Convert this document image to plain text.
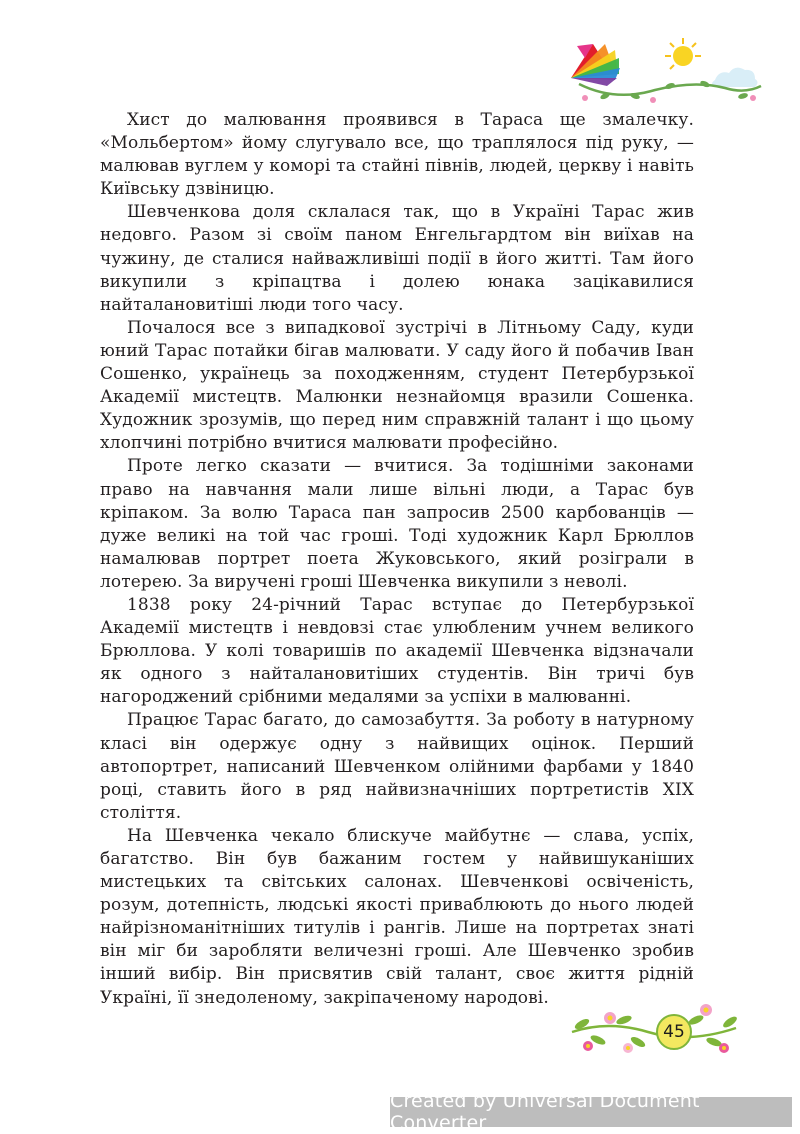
Хист до малювання проявився в Тараса ще змалечку. «Мольбертом» йому слугувало все, що траплялося під руку, — малював вуглем у коморі та стайні півнів, людей, церкву і навіть Київську дзвіницю.

Шевченкова доля склалася так, що в Україні Тарас жив недовго. Разом зі своїм паном Енгельгардтом він виїхав на чужину, де сталися найважливіші події в його житті. Там його викупили з кріпацтва і долею юнака зацікавилися найталановитіші люди того часу.

Почалося все з випадкової зустрічі в Літньому Саду, куди юний Тарас потайки бігав малювати. У саду його й побачив Іван Сошенко, українець за походженням, студент Петербурзької Академії мистецтв. Малюнки незнайомця вразили Сошенка. Художник зрозумів, що перед ним справжній талант і що цьому хлопчині потрібно вчитися малювати професійно.

Проте легко сказати — вчитися. За тодішніми законами право на навчання мали лише вільні люди, а Тарас був кріпаком. За волю Тараса пан запросив 2500 карбованців — дуже великі на той час гроші. Тоді художник Карл Брюллов намалював портрет поета Жуковського, який розіграли в лотерею. За виручені гроші Шевченка викупили з неволі.

1838 року 24-річний Тарас вступає до Петербурзької Академії мистецтв і невдовзі стає улюбленим учнем великого Брюллова. У колі товаришів по академії Шевченка відзначали як одного з найталановитіших студентів. Він тричі був нагороджений срібними медалями за успіхи в малюванні.

Працює Тарас багато, до самозабуття. За роботу в натурному класі він одержує одну з найвищих оцінок. Перший автопортрет, написаний Шевченком олійними фарбами у 1840 році, ставить його в ряд найвизначніших портретистів XIX століття.

На Шевченка чекало блискуче майбутнє — слава, успіх, багатство. Він був бажаним гостем у найвишуканіших мистецьких та світських салонах. Шевченкові освіченість, розум, дотепність, людські якості приваблюють до нього людей найрізноманітніших титулів і рангів. Лише на портретах знаті він міг би заробляти величезні гроші. Але Шевченко зробив інший вибір. Він присвятив свій талант, своє життя рідній Україні, її знедоленому, закріпаченому народові.

45
Created by Universal Document Converter
